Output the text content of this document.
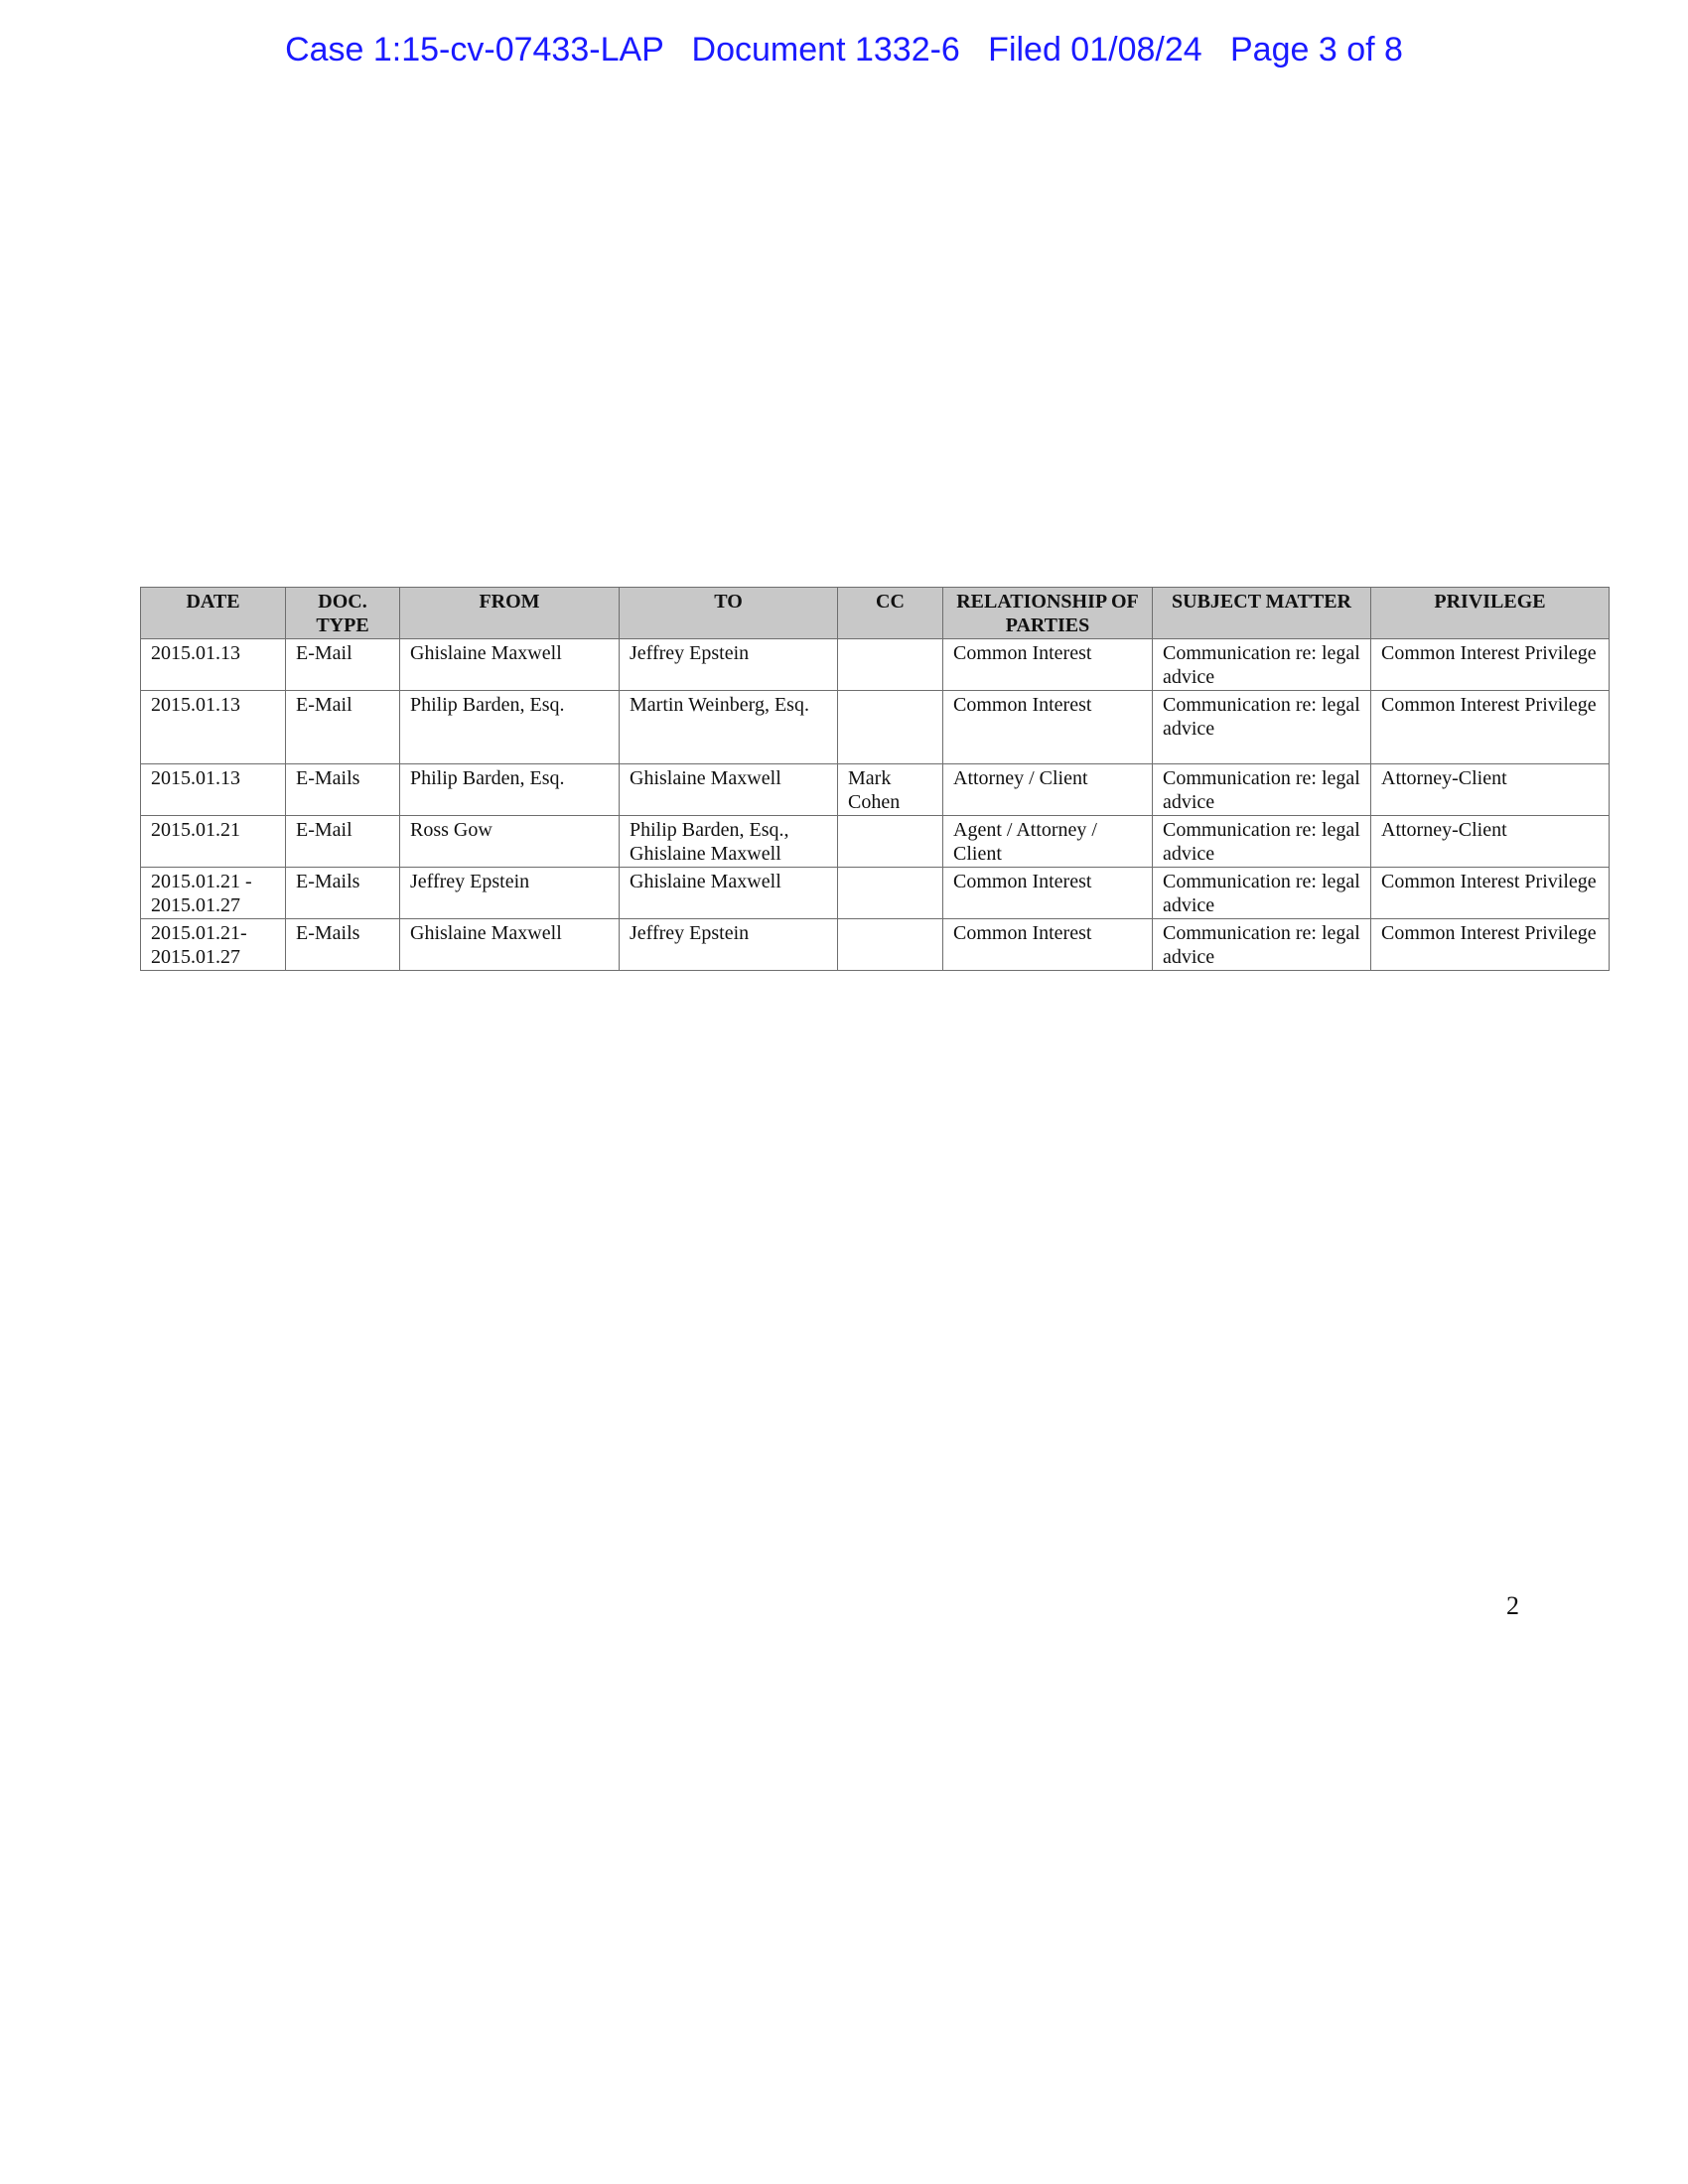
Case 1:15-cv-07433-LAP   Document 1332-6   Filed 01/08/24   Page 3 of 8
DATE	DOC. TYPE	FROM	TO	CC	RELATIONSHIP OF PARTIES	SUBJECT MATTER	PRIVILEGE
2015.01.13	E-Mail	Ghislaine Maxwell	Jeffrey Epstein		Common Interest	Communication re: legal advice	Common Interest Privilege
2015.01.13	E-Mail	Philip Barden, Esq.	Martin Weinberg, Esq.		Common Interest	Communication re: legal advice	Common Interest Privilege
2015.01.13	E-Mails	Philip Barden, Esq.	Ghislaine Maxwell	Mark Cohen	Attorney / Client	Communication re: legal advice	Attorney-Client
2015.01.21	E-Mail	Ross Gow	Philip Barden, Esq., Ghislaine Maxwell		Agent / Attorney / Client	Communication re: legal advice	Attorney-Client
2015.01.21 - 2015.01.27	E-Mails	Jeffrey Epstein	Ghislaine Maxwell		Common Interest	Communication re: legal advice	Common Interest Privilege
2015.01.21- 2015.01.27	E-Mails	Ghislaine Maxwell	Jeffrey Epstein		Common Interest	Communication re: legal advice	Common Interest Privilege
2
